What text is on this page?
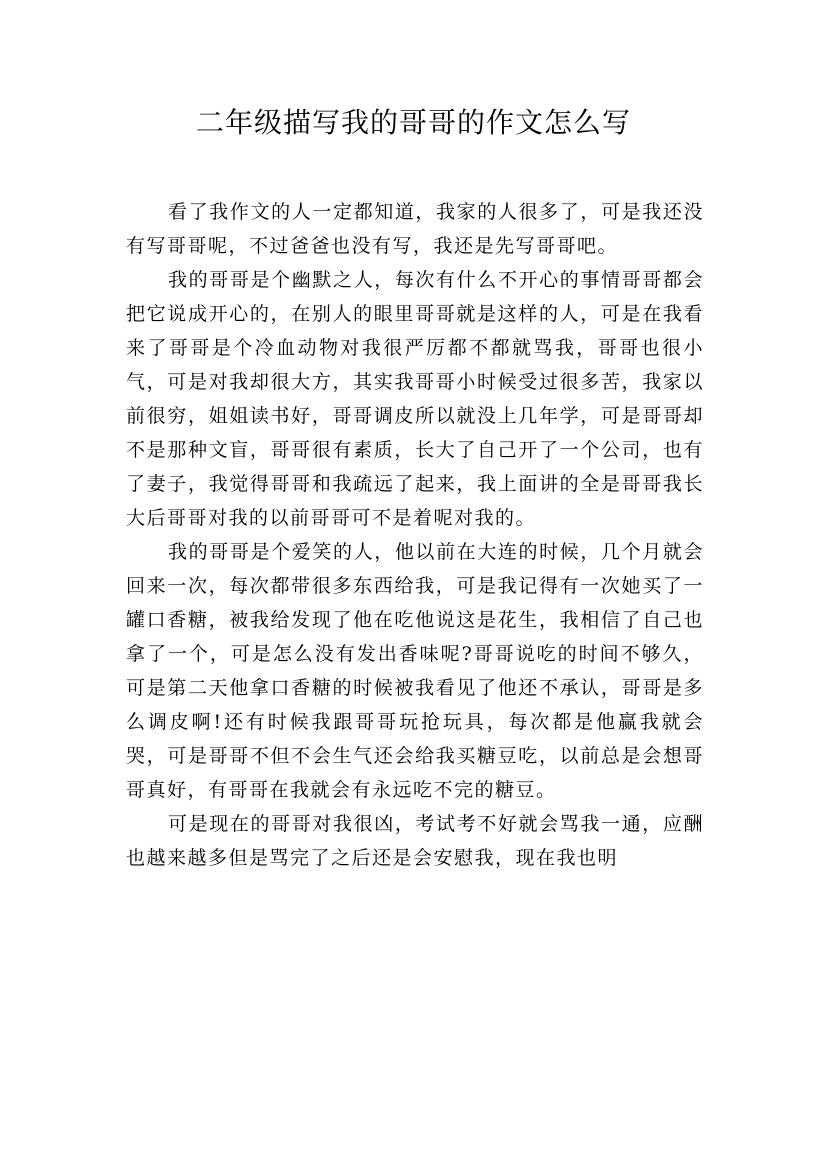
二年级描写我的哥哥的作文怎么写

看了我作文的人一定都知道，我家的人很多了，可是我还没有写哥哥呢，不过爸爸也没有写，我还是先写哥哥吧。

我的哥哥是个幽默之人，每次有什么不开心的事情哥哥都会把它说成开心的，在别人的眼里哥哥就是这样的人，可是在我看来了哥哥是个冷血动物对我很严厉都不都就骂我，哥哥也很小气，可是对我却很大方，其实我哥哥小时候受过很多苦，我家以前很穷，姐姐读书好，哥哥调皮所以就没上几年学，可是哥哥却不是那种文盲，哥哥很有素质，长大了自己开了一个公司，也有了妻子，我觉得哥哥和我疏远了起来，我上面讲的全是哥哥我长大后哥哥对我的以前哥哥可不是着呢对我的。

我的哥哥是个爱笑的人，他以前在大连的时候，几个月就会回来一次，每次都带很多东西给我，可是我记得有一次她买了一罐口香糖，被我给发现了他在吃他说这是花生，我相信了自己也拿了一个，可是怎么没有发出香味呢?哥哥说吃的时间不够久，可是第二天他拿口香糖的时候被我看见了他还不承认，哥哥是多么调皮啊!还有时候我跟哥哥玩抢玩具，每次都是他赢我就会哭，可是哥哥不但不会生气还会给我买糖豆吃，以前总是会想哥哥真好，有哥哥在我就会有永远吃不完的糖豆。

可是现在的哥哥对我很凶，考试考不好就会骂我一通，应酬也越来越多但是骂完了之后还是会安慰我，现在我也明
